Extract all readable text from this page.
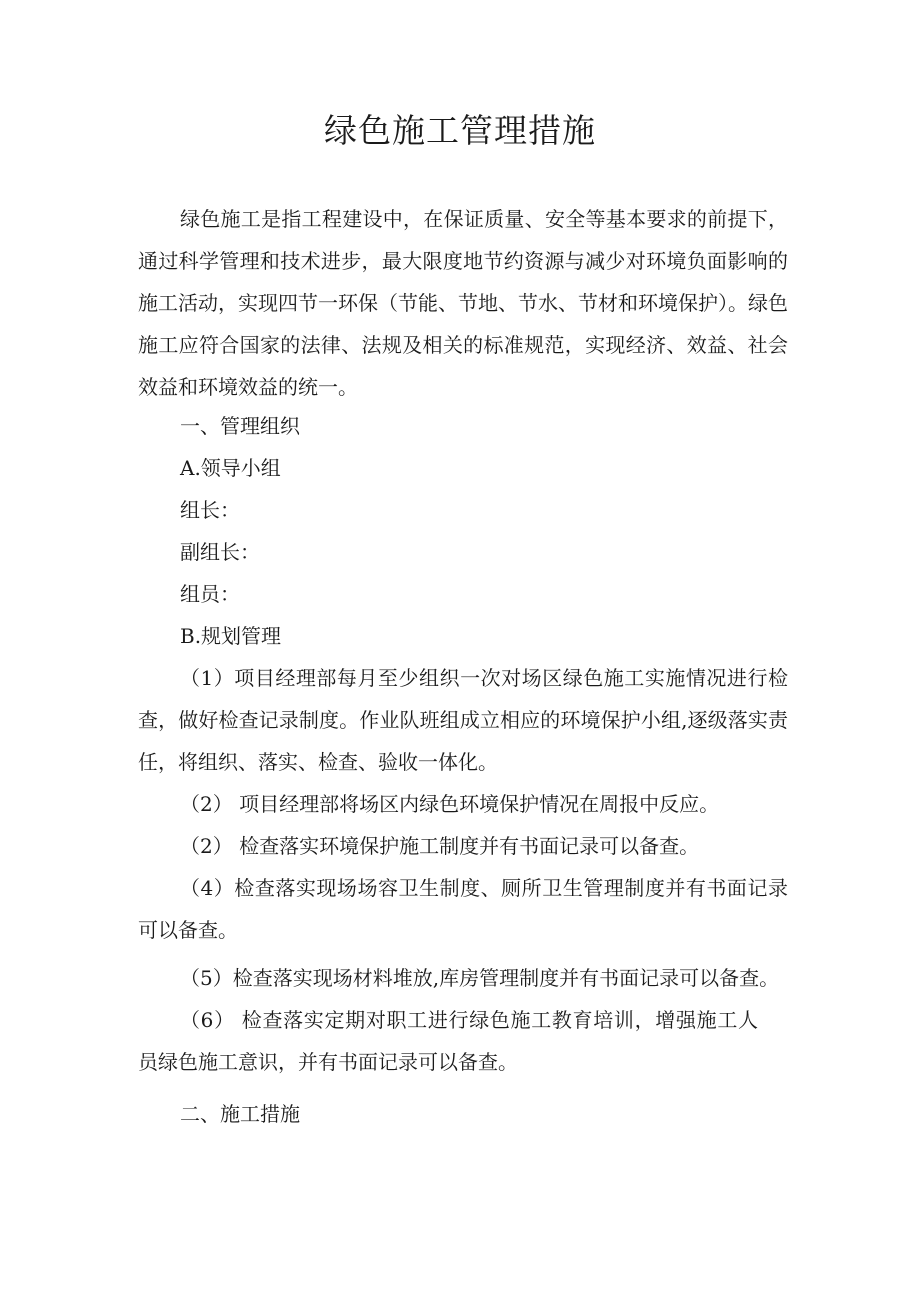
绿色施工管理措施

绿色施工是指工程建设中，在保证质量、安全等基本要求的前提下，通过科学管理和技术进步，最大限度地节约资源与减少对环境负面影响的施工活动，实现四节一环保（节能、节地、节水、节材和环境保护）。绿色施工应符合国家的法律、法规及相关的标准规范，实现经济、效益、社会效益和环境效益的统一。

一、管理组织
A.领导小组
组长：
副组长：
组员：
B.规划管理

（1）项目经理部每月至少组织一次对场区绿色施工实施情况进行检查，做好检查记录制度。作业队班组成立相应的环境保护小组,逐级落实责任，将组织、落实、检查、验收一体化。

（2） 项目经理部将场区内绿色环境保护情况在周报中反应。

（2） 检查落实环境保护施工制度并有书面记录可以备查。

（4）检查落实现场场容卫生制度、厕所卫生管理制度并有书面记录可以备查。

（5）检查落实现场材料堆放,库房管理制度并有书面记录可以备查。

（6） 检查落实定期对职工进行绿色施工教育培训，增强施工人员绿色施工意识，并有书面记录可以备查。

二、施工措施
